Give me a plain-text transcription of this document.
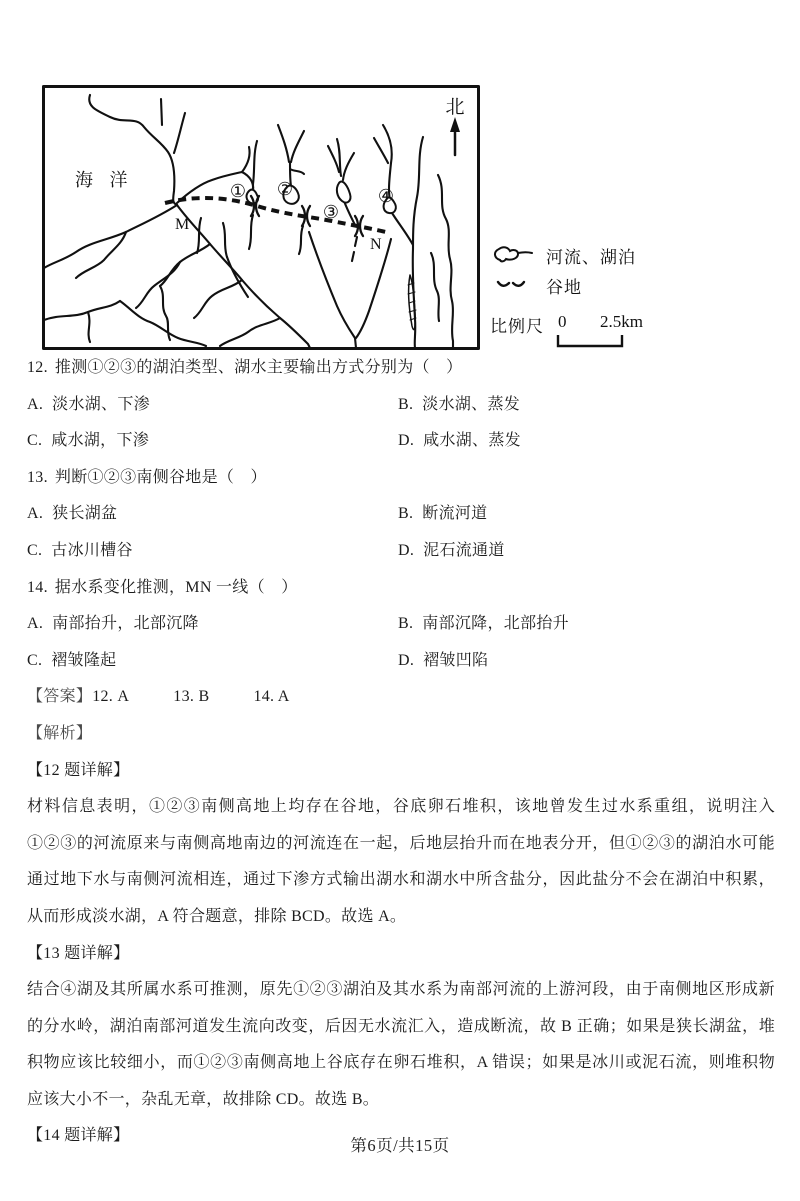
北
海 洋
M
N
① ②
③
④
河流、湖泊
谷地
比例尺 0 2.5km
12. 推测①②③的湖泊类型、湖水主要输出方式分别为（　）
A. 淡水湖、下渗	B. 淡水湖、蒸发
C. 咸水湖，下渗	D. 咸水湖、蒸发
13. 判断①②③南侧谷地是（　）
A. 狭长湖盆	B. 断流河道
C. 古冰川槽谷	D. 泥石流通道
14. 据水系变化推测，MN 一线（　）
A. 南部抬升，北部沉降	B. 南部沉降，北部抬升
C. 褶皱隆起	D. 褶皱凹陷
【答案】12. A	13. B	14. A
【解析】
【12 题详解】
材料信息表明，①②③南侧高地上均存在谷地，谷底卵石堆积，该地曾发生过水系重组，说明注入①②③的河流原来与南侧高地南边的河流连在一起，后地层抬升而在地表分开，但①②③的湖泊水可能通过地下水与南侧河流相连，通过下渗方式输出湖水和湖水中所含盐分，因此盐分不会在湖泊中积累，从而形成淡水湖，A 符合题意，排除 BCD。故选 A。
【13 题详解】
结合④湖及其所属水系可推测，原先①②③湖泊及其水系为南部河流的上游河段，由于南侧地区形成新的分水岭，湖泊南部河道发生流向改变，后因无水流汇入，造成断流，故 B 正确；如果是狭长湖盆，堆积物应该比较细小，而①②③南侧高地上谷底存在卵石堆积，A 错误；如果是冰川或泥石流，则堆积物应该大小不一，杂乱无章，故排除 CD。故选 B。
【14 题详解】
第6页/共15页
